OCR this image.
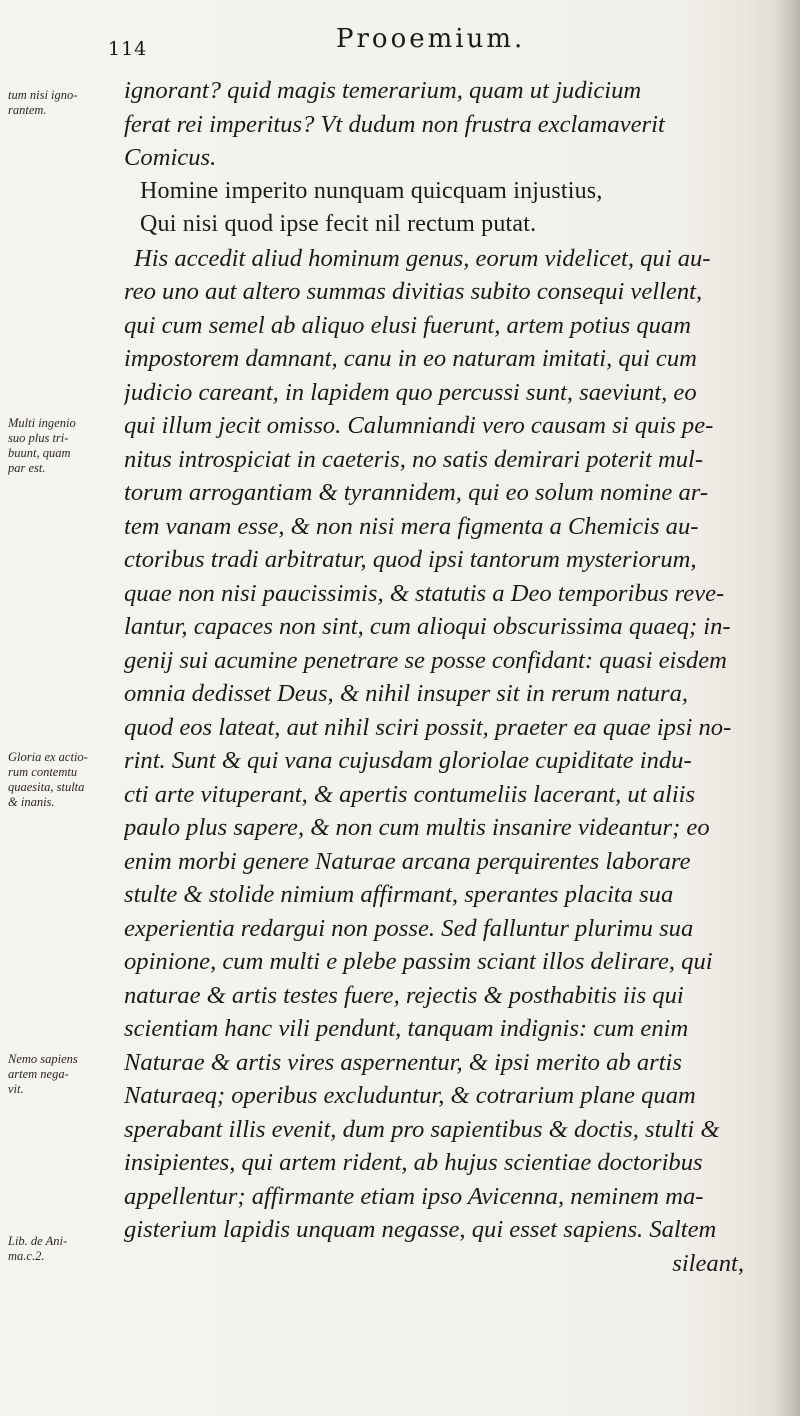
114	Prooemium.
ignorant? quid magis temerarium, quam ut judicium
ferat rei imperitus? Vt dudum non frustra exclamaverit
Comicus.
Homine imperito nunquam quicquam injustius,
Qui nisi quod ipse fecit nil rectum putat.
His accedit aliud hominum genus, eorum videlicet, qui au-
reo uno aut altero summas divitias subito consequi vellent,
qui cum semel ab aliquo elusi fuerunt, artem potius quam
impostorem damnant, canu in eo naturam imitati, qui cum
judicio careant, in lapidem quo percussi sunt, saeviunt, eo
qui illum jecit omisso. Calumniandi vero causam si quis pe-
nitus introspiciat in caeteris, no satis demirari poterit mul-
torum arrogantiam & tyrannidem, qui eo solum nomine ar-
tem vanam esse, & non nisi mera figmenta a Chemicis au-
ctoribus tradi arbitratur, quod ipsi tantorum mysteriorum,
quae non nisi paucissimis, & statutis a Deo temporibus reve-
lantur, capaces non sint, cum alioqui obscurissima quaeq; in-
genij sui acumine penetrare se posse confidant: quasi eisdem
omnia dedisset Deus, & nihil insuper sit in rerum natura,
quod eos lateat, aut nihil sciri possit, praeter ea quae ipsi no-
rint. Sunt & qui vana cujusdam gloriolae cupiditate indu-
cti arte vituperant, & apertis contumeliis lacerant, ut aliis
paulo plus sapere, & non cum multis insanire videantur; eo
enim morbi genere Naturae arcana perquirentes laborare
stulte & stolide nimium affirmant, sperantes placita sua
experientia redargui non posse. Sed falluntur plurimu sua
opinione, cum multi e plebe passim sciant illos delirare, qui
naturae & artis testes fuere, rejectis & posthabitis iis qui
scientiam hanc vili pendunt, tanquam indignis: cum enim
Naturae & artis vires aspernentur, & ipsi merito ab artis
Naturaeq; operibus excluduntur, & cotrarium plane quam
sperabant illis evenit, dum pro sapientibus & doctis, stulti &
insipientes, qui artem rident, ab hujus scientiae doctoribus
appellentur; affirmante etiam ipso Avicenna, neminem ma-
gisterium lapidis unquam negasse, qui esset sapiens. Saltem
sileant,
tum nisi igno-
rantem.
Multi ingenio
suo plus tri-
buunt, quam
par est.
Gloria ex actio-
rum contemtu
quaesita, stulta
& inanis.
Nemo sapiens
artem nega-
vit.
Lib. de Ani-
ma.c.2.
